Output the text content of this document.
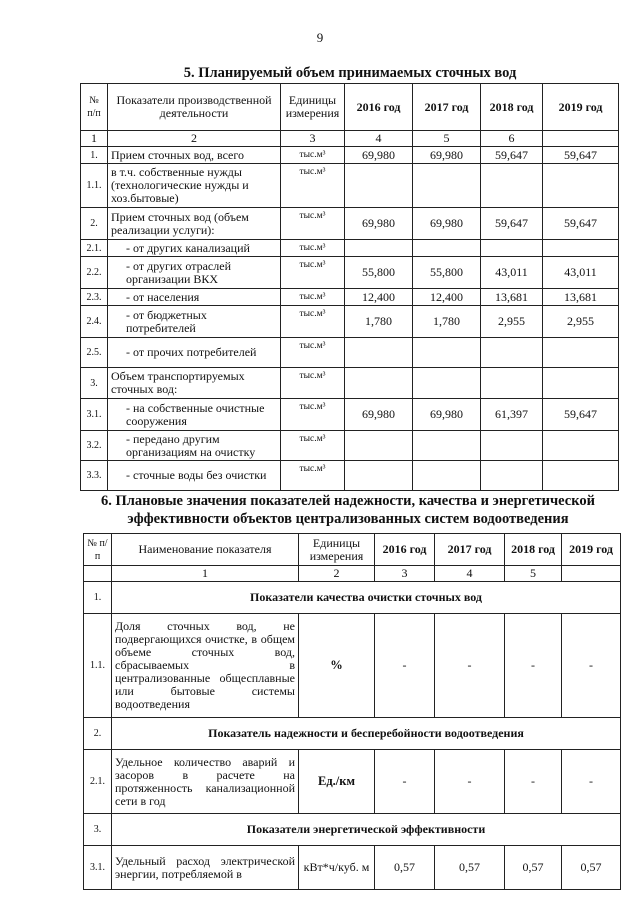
9
5. Планируемый объем принимаемых сточных вод
№ п/п	Показатели производственной деятельности	Единицы измерения	2016 год	2017 год	2018 год	2019 год
1	2	3	4	5	6	
1.	Прием сточных вод, всего	тыс.м³	69,980	69,980	59,647	59,647
1.1.	в т.ч. собственные нужды (технологические нужды и хоз.бытовые)	тыс.м³				
2.	Прием сточных вод (объем реализации услуги):	тыс.м³	69,980	69,980	59,647	59,647
2.1.	- от других канализаций	тыс.м³				
2.2.	- от других отраслей организации ВКХ	тыс.м³	55,800	55,800	43,011	43,011
2.3.	- от населения	тыс.м³	12,400	12,400	13,681	13,681
2.4.	- от бюджетных потребителей	тыс.м³	1,780	1,780	2,955	2,955
2.5.	- от прочих потребителей	тыс.м³				
3.	Объем транспортируемых сточных вод:	тыс.м³				
3.1.	- на собственные очистные сооружения	тыс.м³	69,980	69,980	61,397	59,647
3.2.	- передано другим организациям на очистку	тыс.м³				
3.3.	- сточные воды без очистки	тыс.м³				
6. Плановые значения показателей надежности, качества и энергетической эффективности объектов централизованных систем водоотведения
№ п/п	Наименование показателя	Единицы измерения	2016 год	2017 год	2018 год	2019 год
	1	2	3	4	5	
1.	Показатели качества очистки сточных вод					
1.1.	Доля сточных вод, не подвергающихся очистке, в общем объеме сточных вод, сбрасываемых в централизованные общесплавные или бытовые системы водоотведения	%	-	-	-	-
2.	Показатель надежности и бесперебойности водоотведения					
2.1.	Удельное количество аварий и засоров в расчете на протяженность канализационной сети в год	Ед./км	-	-	-	-
3.	Показатели энергетической эффективности					
3.1.	Удельный расход электрической энергии, потребляемой в	кВт*ч/куб. м	0,57	0,57	0,57	0,57
